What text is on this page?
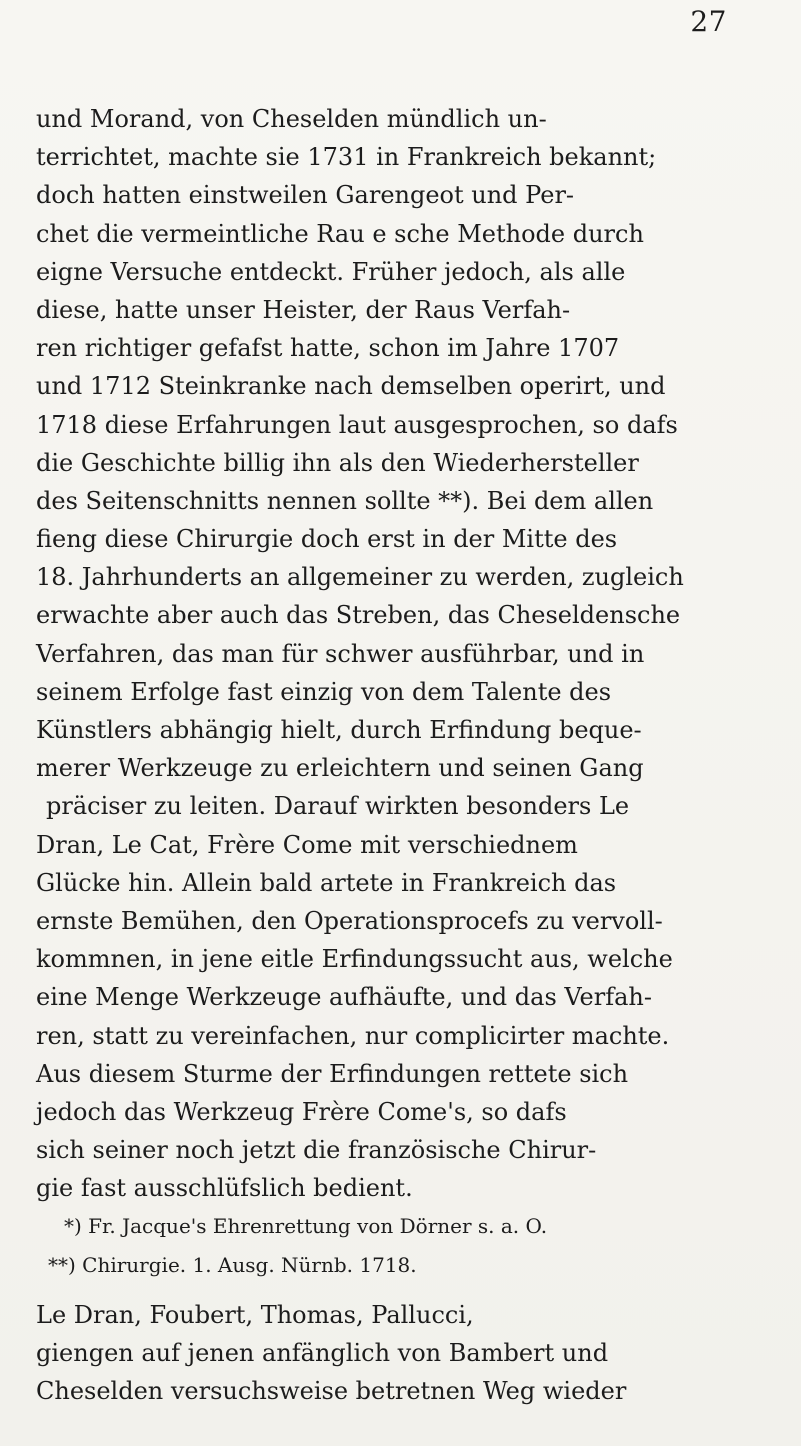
27
und Morand, von Cheselden mündlich un-
terrichtet, machte sie 1731 in Frankreich bekannt;
doch hatten einstweilen Garengeot und Per-
chet die vermeintliche Rau e sche Methode durch
eigne Versuche entdeckt. Früher jedoch, als alle
diese, hatte unser Heister, der Raus Verfah-
ren richtiger gefafst hatte, schon im Jahre 1707
und 1712 Steinkranke nach demselben operirt, und
1718 diese Erfahrungen laut ausgesprochen, so dafs
die Geschichte billig ihn als den Wiederhersteller
des Seitenschnitts nennen sollte **). Bei dem allen
fieng diese Chirurgie doch erst in der Mitte des
18. Jahrhunderts an allgemeiner zu werden, zugleich
erwachte aber auch das Streben, das Cheseldensche
Verfahren, das man für schwer ausführbar, und in
seinem Erfolge fast einzig von dem Talente des
Künstlers abhängig hielt, durch Erfindung beque-
merer Werkzeuge zu erleichtern und seinen Gang
präciser zu leiten. Darauf wirkten besonders Le
Dran, Le Cat, Frère Come mit verschiednem
Glücke hin. Allein bald artete in Frankreich das
ernste Bemühen, den Operationsprocefs zu vervoll-
kommnen, in jene eitle Erfindungssucht aus, welche
eine Menge Werkzeuge aufhäufte, und das Verfah-
ren, statt zu vereinfachen, nur complicirter machte.
Aus diesem Sturme der Erfindungen rettete sich
jedoch das Werkzeug Frère Come's, so dafs
sich seiner noch jetzt die französische Chirur-
gie fast ausschlüfslich bedient.
*) Fr. Jacque's Ehrenrettung von Dörner s. a. O.
**) Chirurgie. 1. Ausg. Nürnb. 1718.
Le Dran, Foubert, Thomas, Pallucci,
giengen auf jenen anfänglich von Bambert und
Cheselden versuchsweise betretnen Weg wieder
